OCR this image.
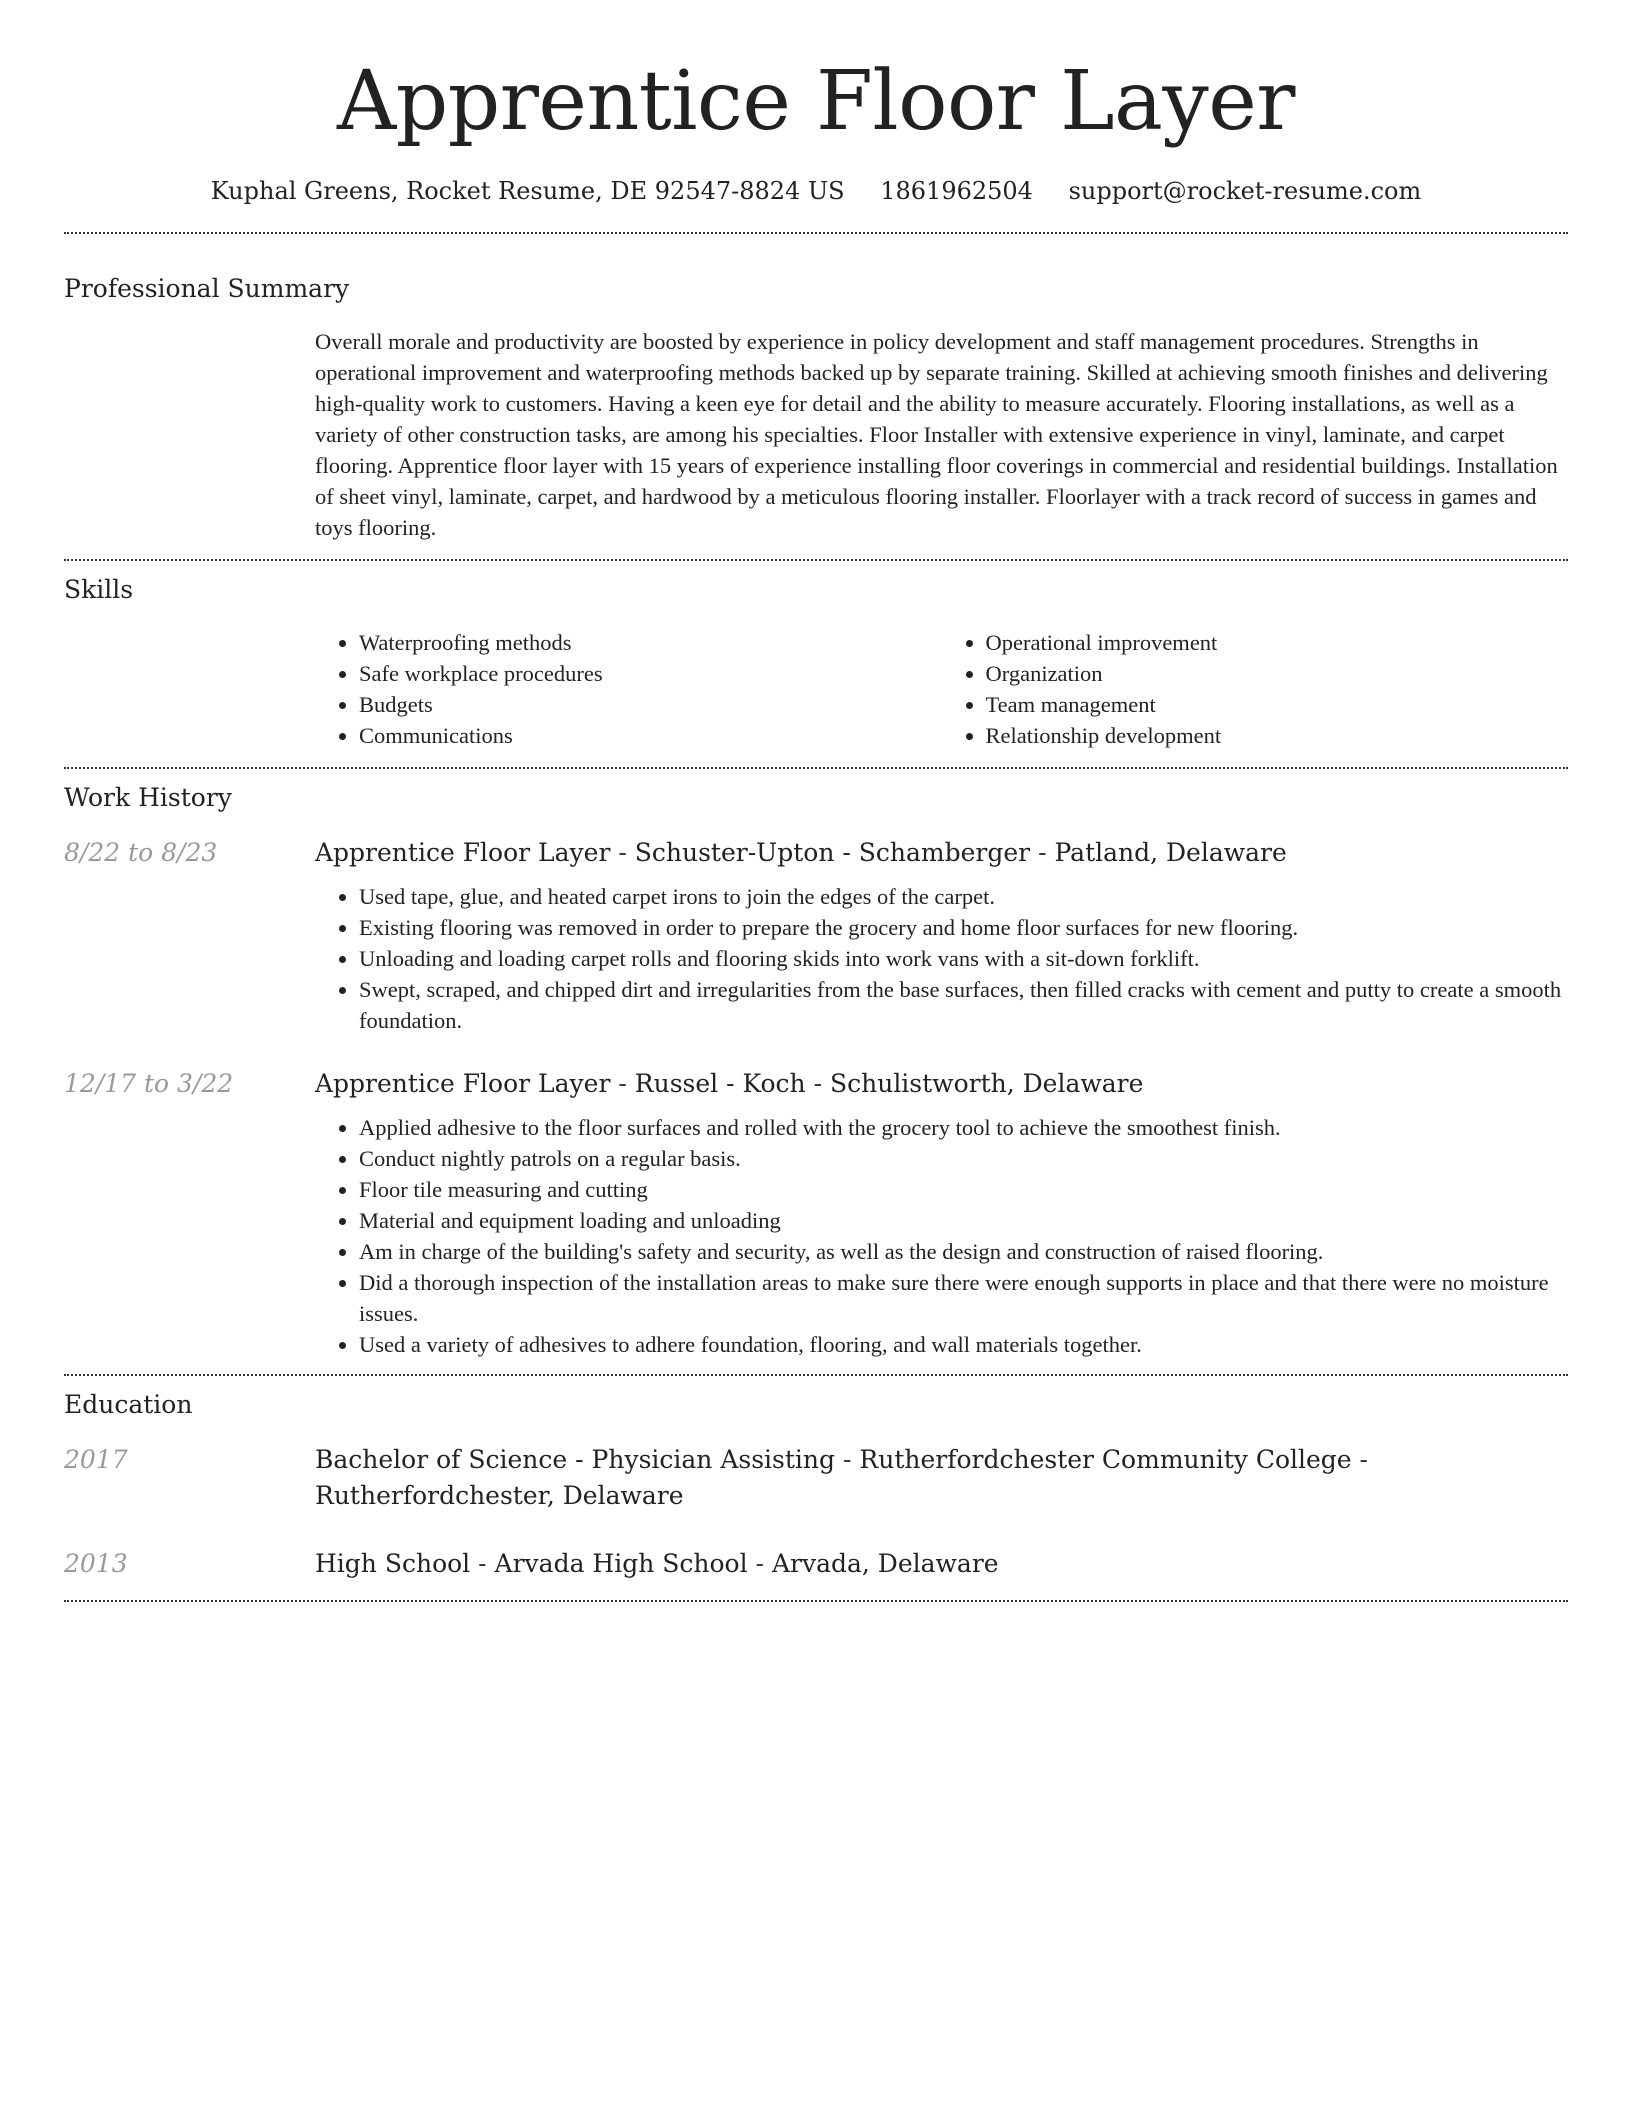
Apprentice Floor Layer
Kuphal Greens, Rocket Resume, DE 92547-8824 US 1861962504 support@rocket-resume.com
Professional Summary

Overall morale and productivity are boosted by experience in policy development and staff management procedures. Strengths in operational improvement and waterproofing methods backed up by separate training. Skilled at achieving smooth finishes and delivering high-quality work to customers. Having a keen eye for detail and the ability to measure accurately. Flooring installations, as well as a variety of other construction tasks, are among his specialties. Floor Installer with extensive experience in vinyl, laminate, and carpet flooring. Apprentice floor layer with 15 years of experience installing floor coverings in commercial and residential buildings. Installation of sheet vinyl, laminate, carpet, and hardwood by a meticulous flooring installer. Floorlayer with a track record of success in games and toys flooring.

Skills
• Waterproofing methods
• Safe workplace procedures
• Budgets
• Communications
• Operational improvement
• Organization
• Team management
• Relationship development
Work History
8/22 to 8/23	Apprentice Floor Layer - Schuster-Upton - Schamberger - Patland, Delaware

• Used tape, glue, and heated carpet irons to join the edges of the carpet.
• Existing flooring was removed in order to prepare the grocery and home floor surfaces for new flooring.
• Unloading and loading carpet rolls and flooring skids into work vans with a sit-down forklift.
• Swept, scraped, and chipped dirt and irregularities from the base surfaces, then filled cracks with cement and putty to create a smooth foundation.
12/17 to 3/22	Apprentice Floor Layer - Russel - Koch - Schulistworth, Delaware

• Applied adhesive to the floor surfaces and rolled with the grocery tool to achieve the smoothest finish.
• Conduct nightly patrols on a regular basis.
• Floor tile measuring and cutting
• Material and equipment loading and unloading
• Am in charge of the building's safety and security, as well as the design and construction of raised flooring.
• Did a thorough inspection of the installation areas to make sure there were enough supports in place and that there were no moisture issues.
• Used a variety of adhesives to adhere foundation, flooring, and wall materials together.
Education
2017	Bachelor of Science - Physician Assisting - Rutherfordchester Community College - Rutherfordchester, Delaware

2013	High School - Arvada High School - Arvada, Delaware
